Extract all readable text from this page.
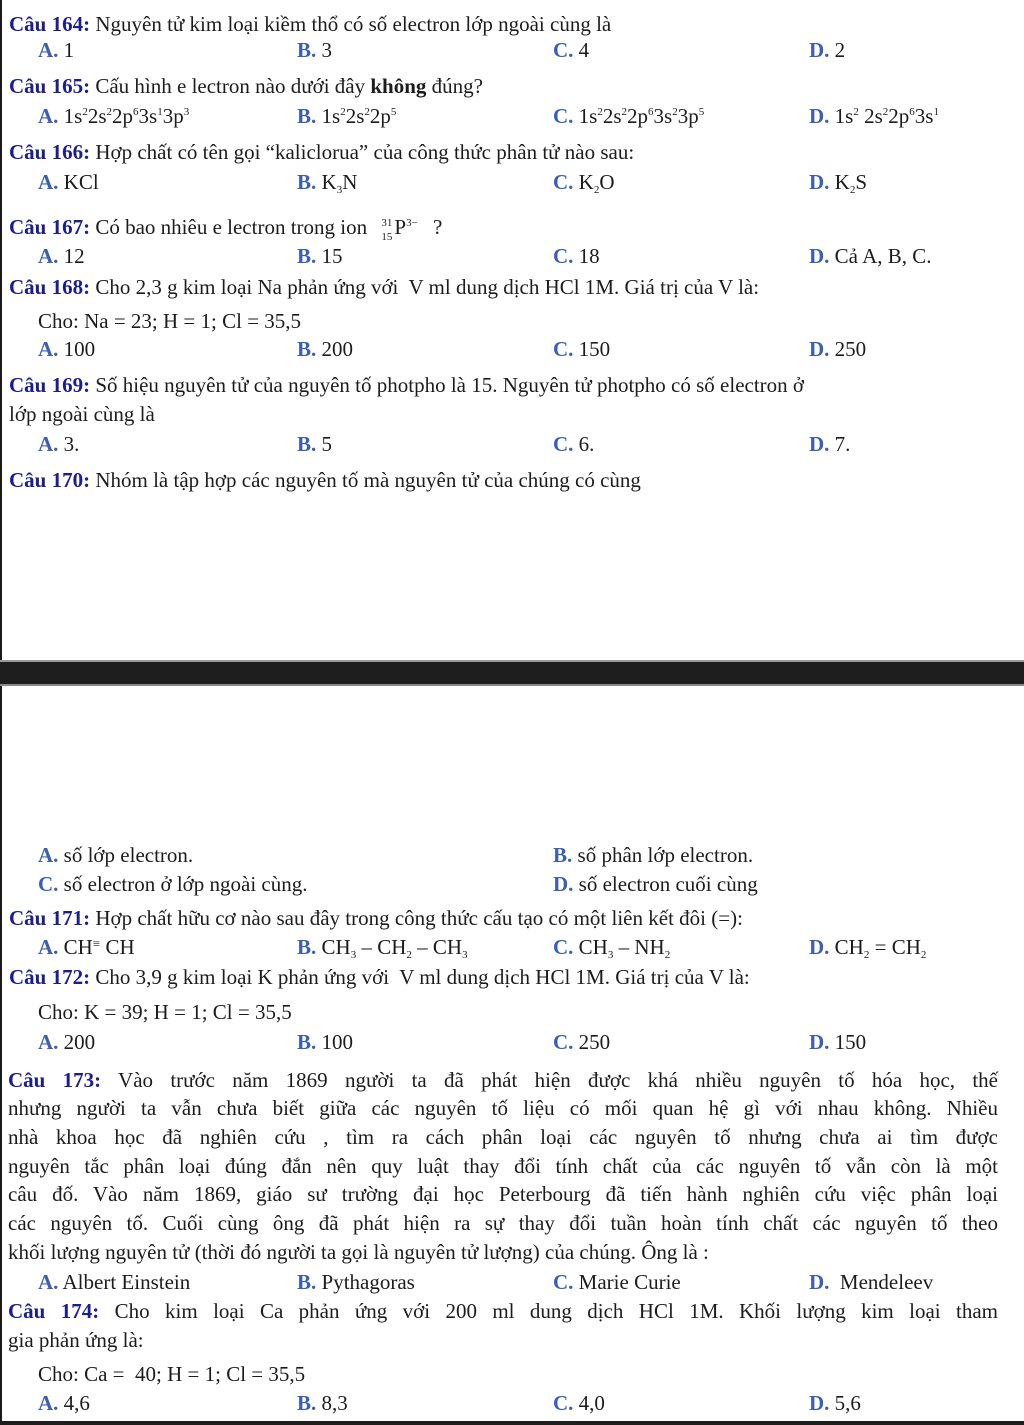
Câu 164: Nguyên tử kim loại kiềm thổ có số electron lớp ngoài cùng là
A. 1	B. 3	C. 4	D. 2
Câu 165: Cấu hình e lectron nào dưới đây không đúng?
A. $1s^22s^22p^63s^13p^3$	B. $1s^22s^22p^5$	C. $1s^22s^22p^63s^23p^5$	D. $1s^2$ $2s^22p^63s^1$
Câu 166: Hợp chất có tên gọi “kaliclorua” của công thức phân tử nào sau:
A. KCl	B. $K_3N$	C. $K_2O$	D. $K_2S$
Câu 167: Có bao nhiêu e lectron trong ion 31
15 $P^{3-}$ ?
A. 12	B. 15	C. 18	D. Cả A, B, C.
Câu 168: Cho 2,3 g kim loại Na phản ứng với  V ml dung dịch HCl 1M. Giá trị của V là:
Cho: Na = 23; H = 1; Cl = 35,5
A. 100	B. 200	C. 150	D. 250
Câu 169: Số hiệu nguyên tử của nguyên tố photpho là 15. Nguyên tử photpho có số electron ở
lớp ngoài cùng là
A. 3.	B. 5	C. 6.	D. 7.
Câu 170: Nhóm là tập hợp các nguyên tố mà nguyên tử của chúng có cùng
A. số lớp electron.	B. số phân lớp electron.
C. số electron ở lớp ngoài cùng.	D. số electron cuối cùng
Câu 171: Hợp chất hữu cơ nào sau đây trong công thức cấu tạo có một liên kết đôi (=):
A. CH≡ CH	B. $CH_3 - CH_2 - CH_3$	C. $CH_3 - NH_2$	D. $CH_2 = CH_2$
Câu 172: Cho 3,9 g kim loại K phản ứng với  V ml dung dịch HCl 1M. Giá trị của V là:
Cho: K = 39; H = 1; Cl = 35,5
A. 200	B. 100	C. 250	D. 150
Câu 173: Vào trước năm 1869 người ta đã phát hiện được khá nhiều nguyên tố hóa học, thế
nhưng người ta vẫn chưa biết giữa các nguyên tố liệu có mối quan hệ gì với nhau không. Nhiều
nhà khoa học đã nghiên cứu , tìm ra cách phân loại các nguyên tố nhưng chưa ai tìm được
nguyên tắc phân loại đúng đắn nên quy luật thay đổi tính chất của các nguyên tố vẫn còn là một
câu đố. Vào năm 1869, giáo sư trường đại học Peterbourg đã tiến hành nghiên cứu việc phân loại
các nguyên tố. Cuối cùng ông đã phát hiện ra sự thay đổi tuần hoàn tính chất các nguyên tố theo
khối lượng nguyên tử (thời đó người ta gọi là nguyên tử lượng) của chúng. Ông là :
A. Albert Einstein	B. Pythagoras	C. Marie Curie	D.  Mendeleev
Câu 174: Cho kim loại Ca phản ứng với 200 ml dung dịch HCl 1M. Khối lượng kim loại tham
gia phản ứng là:
Cho: Ca =  40; H = 1; Cl = 35,5
A. 4,6	B. 8,3	C. 4,0	D. 5,6
